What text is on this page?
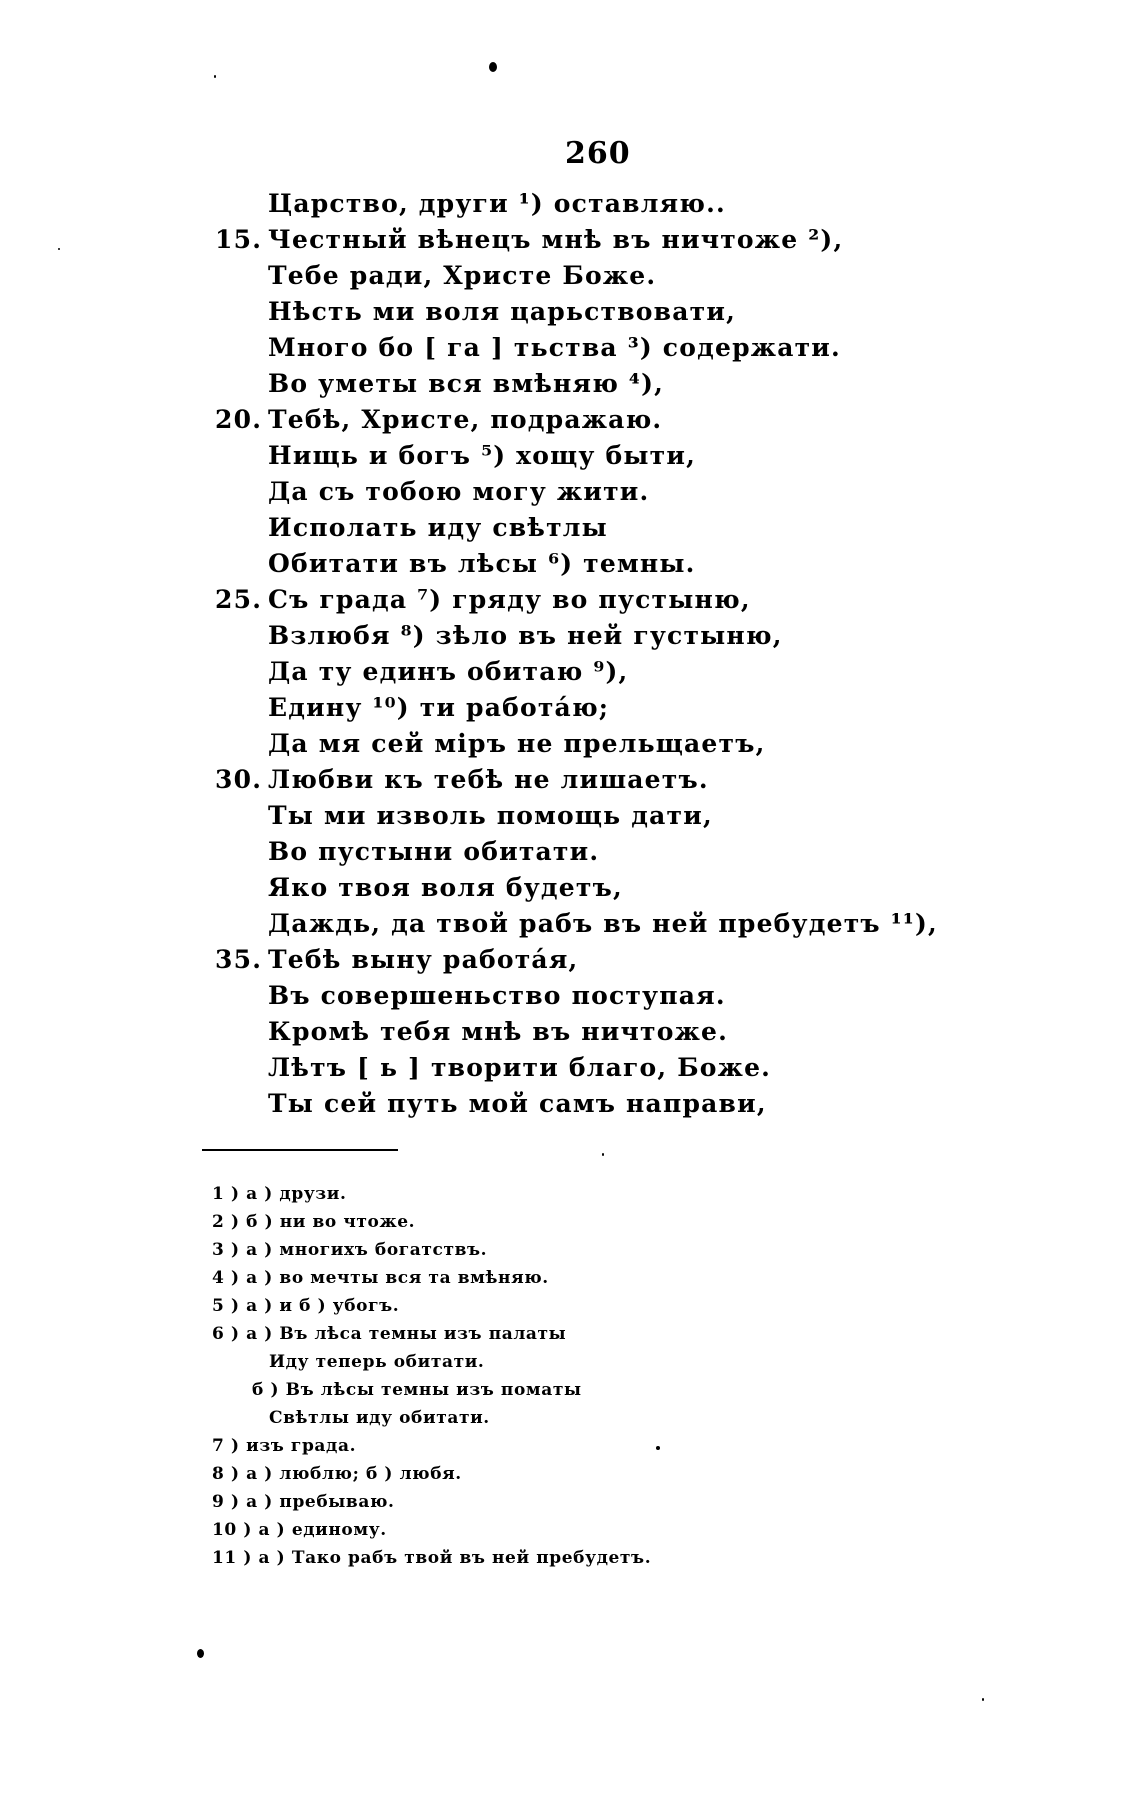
260
Царство, други ¹) оставляю..
15. Честный вѣнецъ мнѣ въ ничтоже ²),
Тебе ради, Христе Боже.
Нѣсть ми воля царьствовати,
Много бо [ га ] тьства ³) содержати.
Во уметы вся вмѣняю ⁴),
20. Тебѣ, Христе, подражаю.
Нищь и богъ ⁵) хощу быти,
Да съ тобою могу жити.
Исполать иду свѣтлы
Обитати въ лѣсы ⁶) темны.
25. Съ града ⁷) гряду во пустыню,
Взлюбя ⁸) зѣло въ ней густыню,
Да ту единъ обитаю ⁹),
Едину ¹⁰) ти работáю;
Да мя сей міръ не прельщаетъ,
30. Любви къ тебѣ не лишаетъ.
Ты ми изволь помощь дати,
Во пустыни обитати.
Яко твоя воля будетъ,
Даждь, да твой рабъ въ ней пребудетъ ¹¹),
35. Тебѣ выну работáя,
Въ совершеньство поступая.
Кромѣ тебя мнѣ въ ничтоже.
Лѣтъ [ ь ] творити благо, Боже.
Ты сей путь мой самъ направи,
1 ) а ) друзи.
2 ) б ) ни во чтоже.
3 ) а ) многихъ богатствъ.
4 ) а ) во мечты вся та вмѣняю.
5 ) а ) и б ) убогъ.
6 ) а ) Въ лѣса темны изъ палаты
Иду теперь обитати.
б ) Въ лѣсы темны изъ поматы
Свѣтлы иду обитати.
7 ) изъ града.
8 ) а ) люблю; б ) любя.
9 ) а ) пребываю.
10 ) а ) единому.
11 ) а ) Тако рабъ твой въ ней пребудетъ.
